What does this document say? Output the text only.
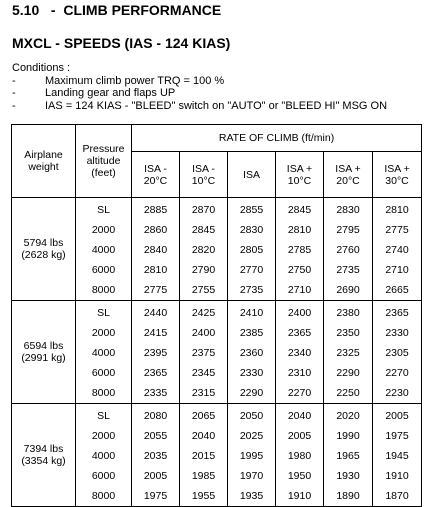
5.10   -  CLIMB PERFORMANCE
MXCL - SPEEDS (IAS - 124 KIAS)
Conditions :
-	Maximum climb power TRQ = 100 %
-	Landing gear and flaps UP
-	IAS = 124 KIAS - "BLEED" switch on "AUTO" or "BLEED HI" MSG ON
Airplane weight	Pressure altitude (feet)	RATE OF CLIMB (ft/min)					
		ISA - 20°C	ISA - 10°C	ISA	ISA + 10°C	ISA + 20°C	ISA + 30°C
5794 lbs (2628 kg)	SL	2885	2870	2855	2845	2830	2810
	2000	2860	2845	2830	2810	2795	2775
	4000	2840	2820	2805	2785	2760	2740
	6000	2810	2790	2770	2750	2735	2710
	8000	2775	2755	2735	2710	2690	2665
6594 lbs (2991 kg)	SL	2440	2425	2410	2400	2380	2365
	2000	2415	2400	2385	2365	2350	2330
	4000	2395	2375	2360	2340	2325	2305
	6000	2365	2345	2330	2310	2290	2270
	8000	2335	2315	2290	2270	2250	2230
7394 lbs (3354 kg)	SL	2080	2065	2050	2040	2020	2005
	2000	2055	2040	2025	2005	1990	1975
	4000	2035	2015	1995	1980	1965	1945
	6000	2005	1985	1970	1950	1930	1910
	8000	1975	1955	1935	1910	1890	1870
